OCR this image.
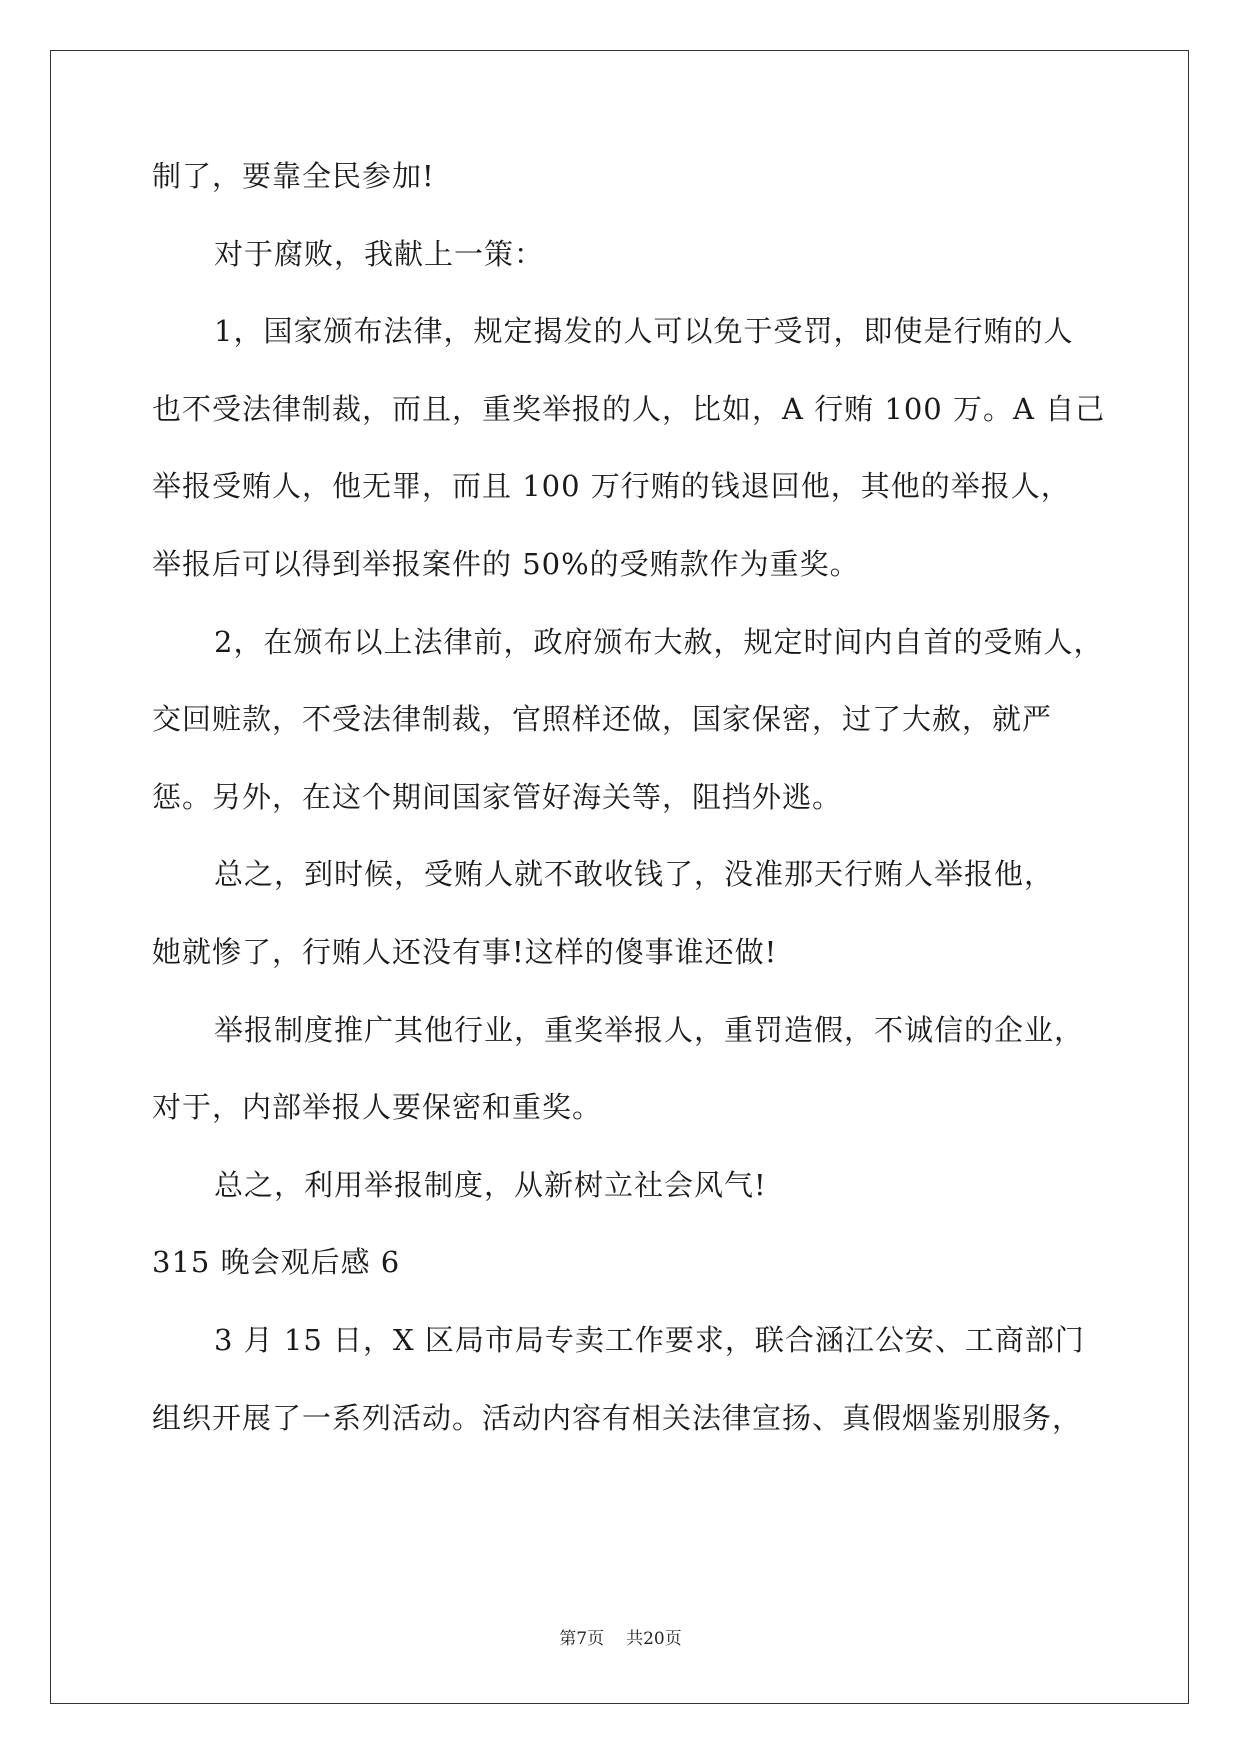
制了，要靠全民参加!
对于腐败，我献上一策：
1，国家颁布法律，规定揭发的人可以免于受罚，即使是行贿的人
也不受法律制裁，而且，重奖举报的人，比如，A 行贿 100 万。A 自己
举报受贿人，他无罪，而且 100 万行贿的钱退回他，其他的举报人，
举报后可以得到举报案件的 50%的受贿款作为重奖。
2，在颁布以上法律前，政府颁布大赦，规定时间内自首的受贿人，
交回赃款，不受法律制裁，官照样还做，国家保密，过了大赦，就严
惩。另外，在这个期间国家管好海关等，阻挡外逃。
总之，到时候，受贿人就不敢收钱了，没准那天行贿人举报他，
她就惨了，行贿人还没有事!这样的傻事谁还做!
举报制度推广其他行业，重奖举报人，重罚造假，不诚信的企业，
对于，内部举报人要保密和重奖。
总之，利用举报制度，从新树立社会风气!
315 晚会观后感 6
3 月 15 日，X 区局市局专卖工作要求，联合涵江公安、工商部门
组织开展了一系列活动。活动内容有相关法律宣扬、真假烟鉴别服务，
第7页 共20页
